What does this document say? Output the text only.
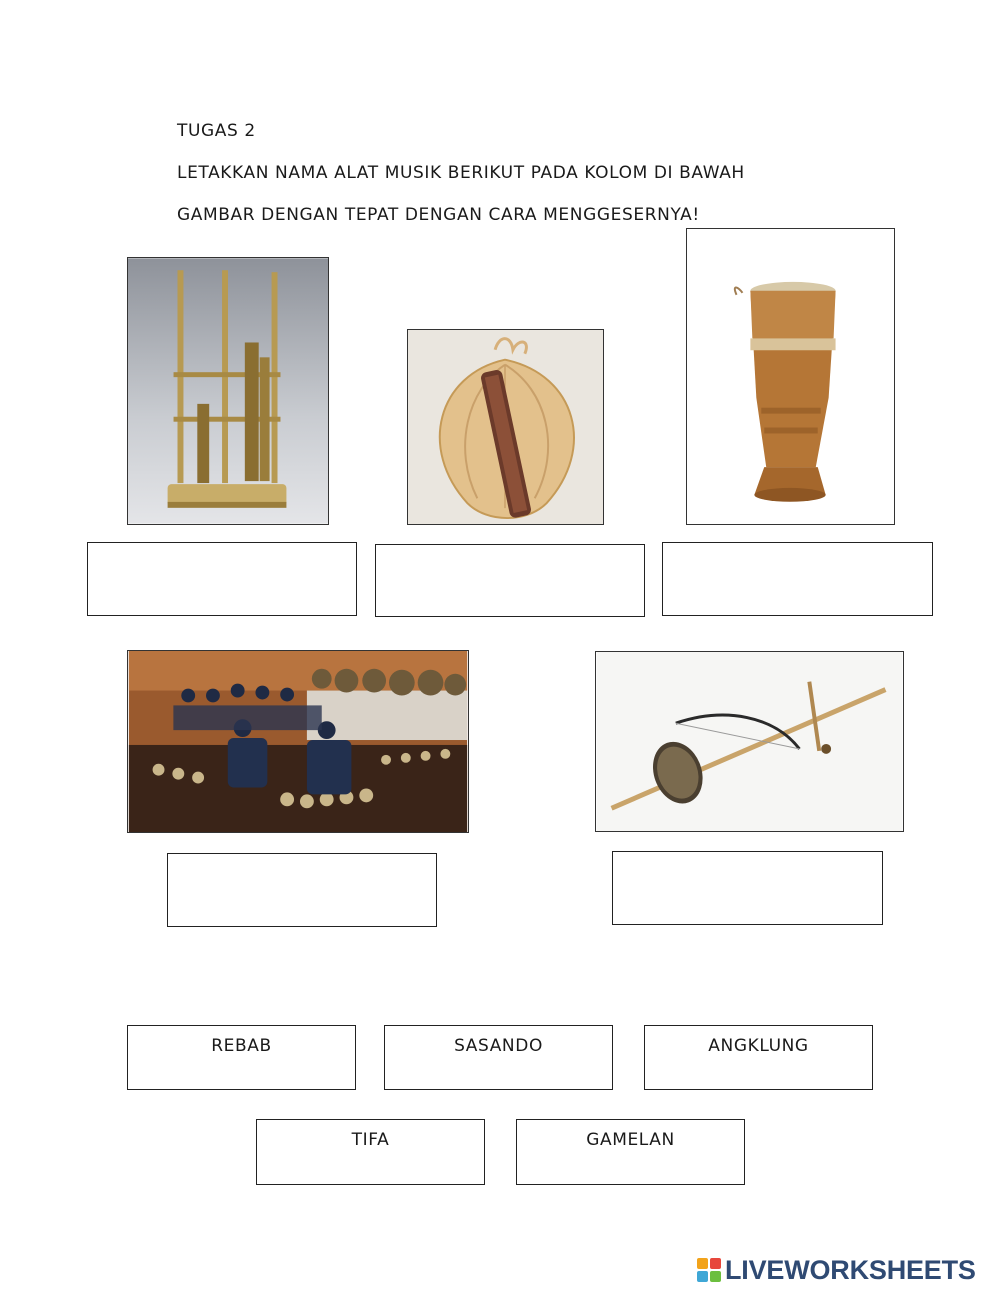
TUGAS 2
LETAKKAN NAMA ALAT MUSIK BERIKUT PADA KOLOM DI BAWAH
GAMBAR DENGAN TEPAT DENGAN CARA MENGGESERNYA!
REBAB	SASANDO	ANGKLUNG
TIFA	GAMELAN
LIVEWORKSHEETS
